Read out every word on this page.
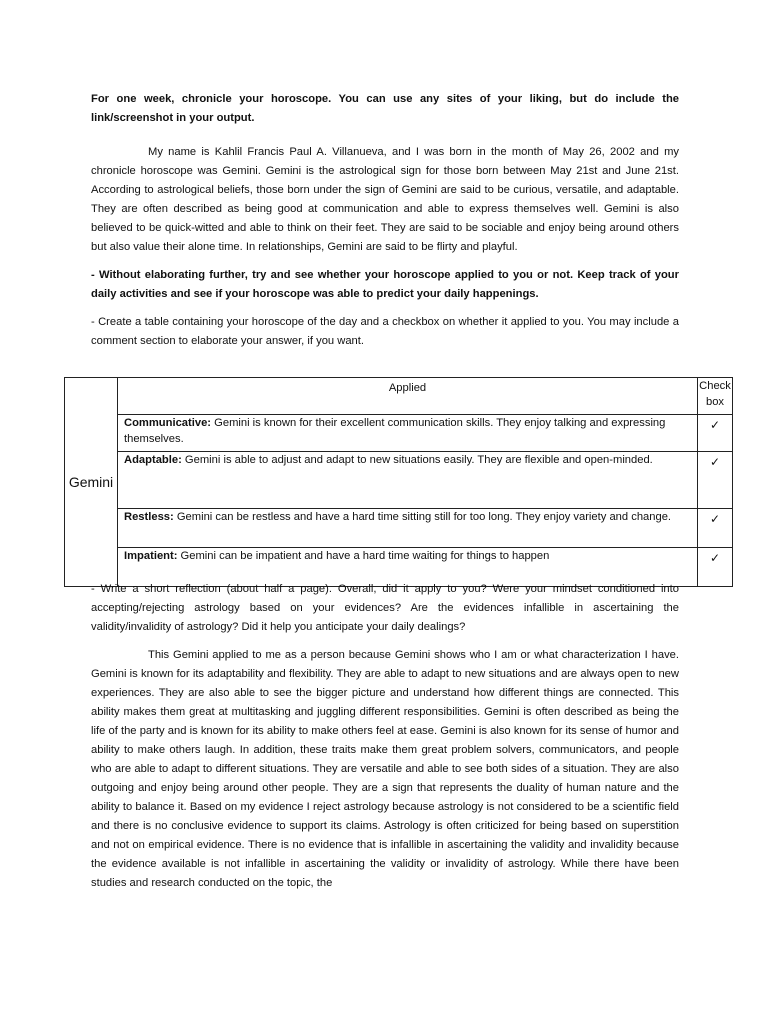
For one week, chronicle your horoscope. You can use any sites of your liking, but do include the link/screenshot in your output.

My name is Kahlil Francis Paul A. Villanueva, and I was born in the month of May 26, 2002 and my chronicle horoscope was Gemini. Gemini is the astrological sign for those born between May 21st and June 21st. According to astrological beliefs, those born under the sign of Gemini are said to be curious, versatile, and adaptable. They are often described as being good at communication and able to express themselves well. Gemini is also believed to be quick-witted and able to think on their feet. They are said to be sociable and enjoy being around others but also value their alone time. In relationships, Gemini are said to be flirty and playful.

- Without elaborating further, try and see whether your horoscope applied to you or not. Keep track of your daily activities and see if your horoscope was able to predict your daily happenings.

- Create a table containing your horoscope of the day and a checkbox on whether it applied to you. You may include a comment section to elaborate your answer, if you want.

Gemini	Applied	Check box
	Communicative: Gemini is known for their excellent communication skills. They enjoy talking and expressing themselves.	✓
	Adaptable: Gemini is able to adjust and adapt to new situations easily. They are flexible and open-minded.	✓
	Restless: Gemini can be restless and have a hard time sitting still for too long. They enjoy variety and change.	✓
	Impatient: Gemini can be impatient and have a hard time waiting for things to happen	✓

- Write a short reflection (about half a page). Overall, did it apply to you? Were your mindset conditioned into accepting/rejecting astrology based on your evidences? Are the evidences infallible in ascertaining the validity/invalidity of astrology? Did it help you anticipate your daily dealings?

This Gemini applied to me as a person because Gemini shows who I am or what characterization I have. Gemini is known for its adaptability and flexibility. They are able to adapt to new situations and are always open to new experiences. They are also able to see the bigger picture and understand how different things are connected. This ability makes them great at multitasking and juggling different responsibilities. Gemini is often described as being the life of the party and is known for its ability to make others feel at ease. Gemini is also known for its sense of humor and ability to make others laugh. In addition, these traits make them great problem solvers, communicators, and people who are able to adapt to different situations. They are versatile and able to see both sides of a situation. They are also outgoing and enjoy being around other people. They are a sign that represents the duality of human nature and the ability to balance it. Based on my evidence I reject astrology because astrology is not considered to be a scientific field and there is no conclusive evidence to support its claims. Astrology is often criticized for being based on superstition and not on empirical evidence. There is no evidence that is infallible in ascertaining the validity and invalidity because the evidence available is not infallible in ascertaining the validity or invalidity of astrology. While there have been studies and research conducted on the topic, the
